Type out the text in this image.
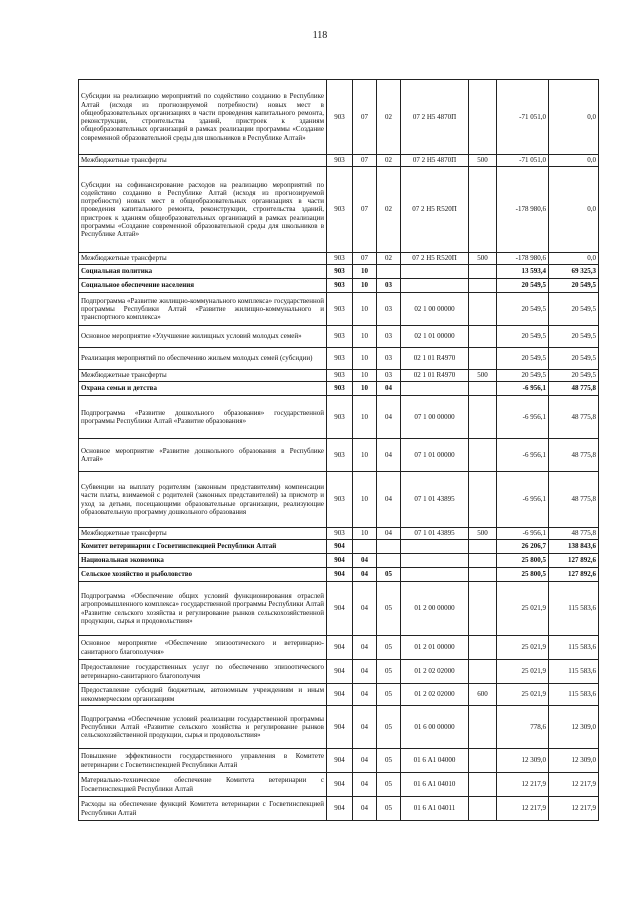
118
Субсидии на реализацию мероприятий по содействию созданию в Республике Алтай (исходя из прогнозируемой потребности) новых мест в общеобразовательных организациях в части проведения капитального ремонта, реконструкции, строительства зданий, пристроек к зданиям общеобразовательных организаций в рамках реализации программы «Создание современной образовательной среды для школьников в Республике Алтай»	903	07	02	07 2 Н5 4870П		-71 051,0	0,0
Межбюджетные трансферты	903	07	02	07 2 Н5 4870П	500	-71 051,0	0,0
Субсидии на софинансирование расходов на реализацию мероприятий по содействию созданию в Республике Алтай (исходя из прогнозируемой потребности) новых мест в общеобразовательных организациях в части проведения капитального ремонта, реконструкции, строительства зданий, пристроек к зданиям общеобразовательных организаций в рамках реализации программы «Создание современной образовательной среды для школьников в Республике Алтай»	903	07	02	07 2 Н5 R520П		-178 980,6	0,0
Межбюджетные трансферты	903	07	02	07 2 Н5 R520П	500	-178 980,6	0,0
Социальная политика	903	10				13 593,4	69 325,3
Социальное обеспечение населения	903	10	03			20 549,5	20 549,5
Подпрограмма «Развитие жилищно-коммунального комплекса» государственной программы Республики Алтай «Развитие жилищно-коммунального и транспортного комплекса»	903	10	03	02 1 00 00000		20 549,5	20 549,5
Основное мероприятие «Улучшение жилищных условий молодых семей»	903	10	03	02 1 01 00000		20 549,5	20 549,5
Реализация мероприятий по обеспечению жильем молодых семей (субсидии)	903	10	03	02 1 01 R4970		20 549,5	20 549,5
Межбюджетные трансферты	903	10	03	02 1 01 R4970	500	20 549,5	20 549,5
Охрана семьи и детства	903	10	04			-6 956,1	48 775,8
Подпрограмма «Развитие дошкольного образования» государственной программы Республики Алтай «Развитие образования»	903	10	04	07 1 00 00000		-6 956,1	48 775,8
Основное мероприятие «Развитие дошкольного образования в Республике Алтай»	903	10	04	07 1 01 00000		-6 956,1	48 775,8
Субвенции на выплату родителям (законным представителям) компенсации части платы, взимаемой с родителей (законных представителей) за присмотр и уход за детьми, посещающими образовательные организации, реализующие образовательную программу дошкольного образования	903	10	04	07 1 01 43895		-6 956,1	48 775,8
Межбюджетные трансферты	903	10	04	07 1 01 43895	500	-6 956,1	48 775,8
Комитет ветеринарии с Госветинспекцией Республики Алтай	904					26 206,7	138 843,6
Национальная экономика	904	04				25 800,5	127 892,6
Сельское хозяйство и рыболовство	904	04	05			25 800,5	127 892,6
Подпрограмма «Обеспечение общих условий функционирования отраслей агропромышленного комплекса» государственной программы Республики Алтай «Развитие сельского хозяйства и регулирование рынков сельскохозяйственной продукции, сырья и продовольствия»	904	04	05	01 2 00 00000		25 021,9	115 583,6
Основное мероприятие «Обеспечение эпизоотического и ветеринарно-санитарного благополучия»	904	04	05	01 2 01 00000		25 021,9	115 583,6
Предоставление государственных услуг по обеспечению эпизоотического ветеринарно-санитарного благополучия	904	04	05	01 2 02 02000		25 021,9	115 583,6
Предоставление субсидий бюджетным, автономным учреждениям и иным некоммерческим организациям	904	04	05	01 2 02 02000	600	25 021,9	115 583,6
Подпрограмма «Обеспечение условий реализации государственной программы Республики Алтай «Развитие сельского хозяйства и регулирование рынков сельскохозяйственной продукции, сырья и продовольствия»	904	04	05	01 6 00 00000		778,6	12 309,0
Повышение эффективности государственного управления в Комитете ветеринарии с Госветинспекцией Республики Алтай	904	04	05	01 6 А1 04000		12 309,0	12 309,0
Материально-техническое обеспечение Комитета ветеринарии с Госветинспекцией Республики Алтай	904	04	05	01 6 А1 04010		12 217,9	12 217,9
Расходы на обеспечение функций Комитета ветеринарии с Госветинспекцией Республики Алтай	904	04	05	01 6 А1 04011		12 217,9	12 217,9
